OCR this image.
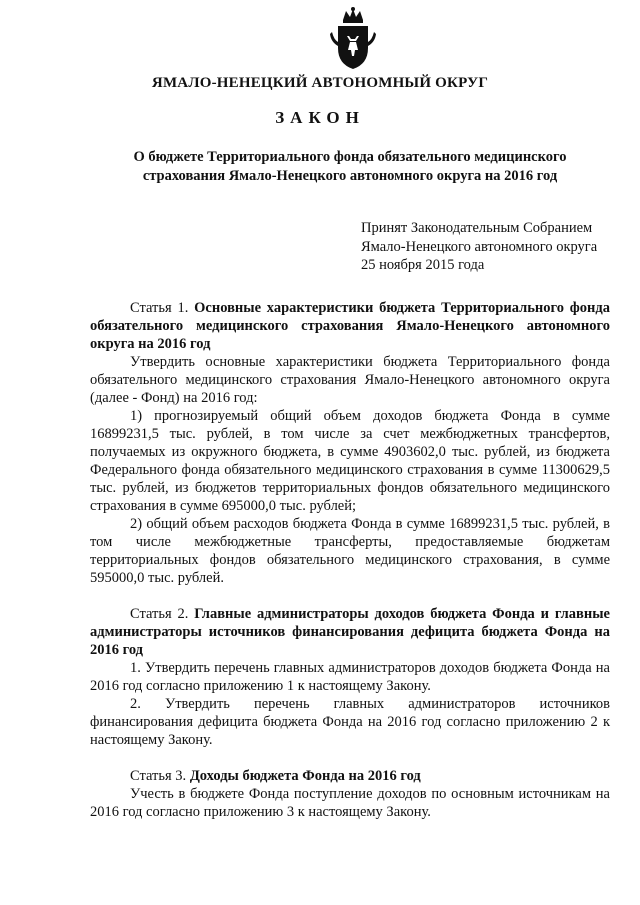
ЯМАЛО-НЕНЕЦКИЙ АВТОНОМНЫЙ ОКРУГ
ЗАКОН
О бюджете Территориального фонда обязательного медицинского
страхования Ямало-Ненецкого автономного округа на 2016 год
Принят Законодательным Собранием
Ямало-Ненецкого автономного округа
25 ноября 2015 года
Статья 1. Основные характеристики бюджета Территориального фонда обязательного медицинского страхования Ямало-Ненецкого автономного округа на 2016 год

Утвердить основные характеристики бюджета Территориального фонда обязательного медицинского страхования Ямало-Ненецкого автономного округа (далее - Фонд) на 2016 год:

1) прогнозируемый общий объем доходов бюджета Фонда в сумме 16899231,5 тыс. рублей, в том числе за счет межбюджетных трансфертов, получаемых из окружного бюджета, в сумме 4903602,0 тыс. рублей, из бюджета Федерального фонда обязательного медицинского страхования в сумме 11300629,5 тыс. рублей, из бюджетов территориальных фондов обязательного медицинского страхования в сумме 695000,0 тыс. рублей;

2) общий объем расходов бюджета Фонда в сумме 16899231,5 тыс. рублей, в том числе межбюджетные трансферты, предоставляемые бюджетам территориальных фондов обязательного медицинского страхования, в сумме 595000,0 тыс. рублей.

Статья 2. Главные администраторы доходов бюджета Фонда и главные администраторы источников финансирования дефицита бюджета Фонда на 2016 год

1. Утвердить перечень главных администраторов доходов бюджета Фонда на 2016 год согласно приложению 1 к настоящему Закону.

2. Утвердить перечень главных администраторов источников финансирования дефицита бюджета Фонда на 2016 год согласно приложению 2 к настоящему Закону.

Статья 3. Доходы бюджета Фонда на 2016 год

Учесть в бюджете Фонда поступление доходов по основным источникам на 2016 год согласно приложению 3 к настоящему Закону.
